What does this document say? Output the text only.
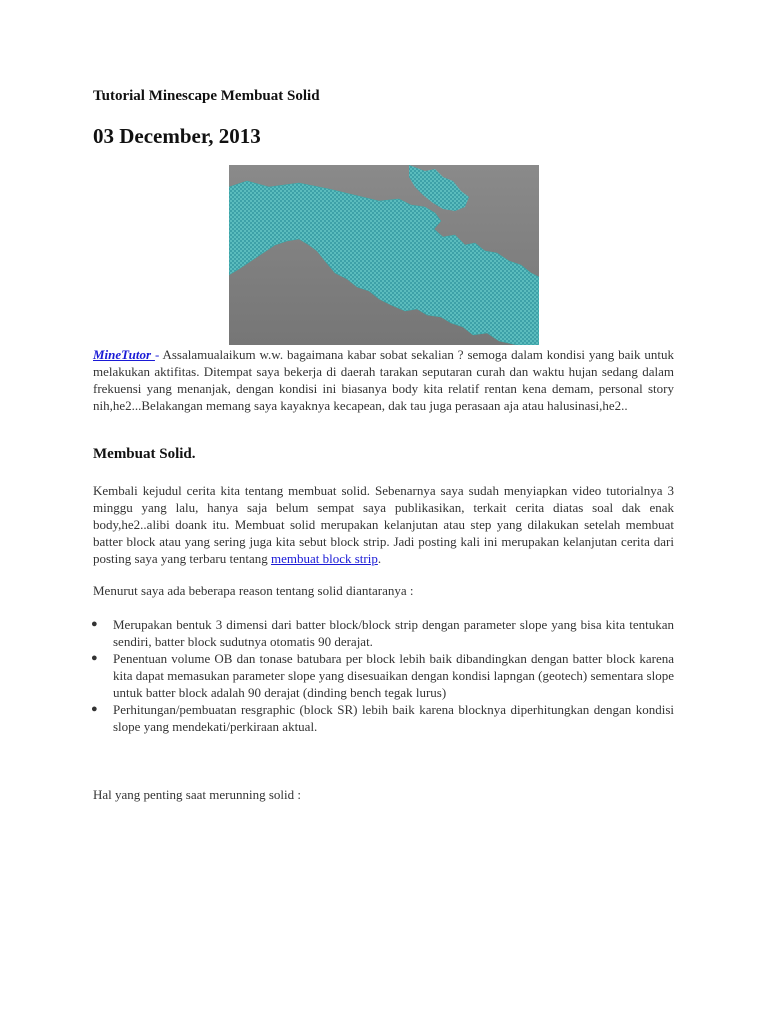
Tutorial Minescape Membuat Solid
03 December, 2013

MineTutor - Assalamualaikum w.w. bagaimana kabar sobat sekalian ? semoga dalam kondisi yang baik untuk melakukan aktifitas. Ditempat saya bekerja di daerah tarakan seputaran curah dan waktu hujan sedang dalam frekuensi yang menanjak, dengan kondisi ini biasanya body kita relatif rentan kena demam, personal story nih,he2...Belakangan memang saya kayaknya kecapean, dak tau juga perasaan aja atau halusinasi,he2..

Membuat Solid.

Kembali kejudul cerita kita tentang membuat solid. Sebenarnya saya sudah menyiapkan video tutorialnya 3 minggu yang lalu, hanya saja belum sempat saya publikasikan, terkait cerita diatas soal dak enak body,he2..alibi doank itu. Membuat solid merupakan kelanjutan atau step yang dilakukan setelah membuat batter block atau yang sering juga kita sebut block strip. Jadi posting kali ini merupakan kelanjutan cerita dari posting saya yang terbaru tentang membuat block strip.

Menurut saya ada beberapa reason tentang solid diantaranya :

● Merupakan bentuk 3 dimensi dari batter block/block strip dengan parameter slope yang bisa kita tentukan sendiri, batter block sudutnya otomatis 90 derajat.
● Penentuan volume OB dan tonase batubara per block lebih baik dibandingkan dengan batter block karena kita dapat memasukan parameter slope yang disesuaikan dengan kondisi lapngan (geotech) sementara slope untuk batter block adalah 90 derajat (dinding bench tegak lurus)
● Perhitungan/pembuatan resgraphic (block SR) lebih baik karena blocknya diperhitungkan dengan kondisi slope yang mendekati/perkiraan aktual.

Hal yang penting saat merunning solid :
